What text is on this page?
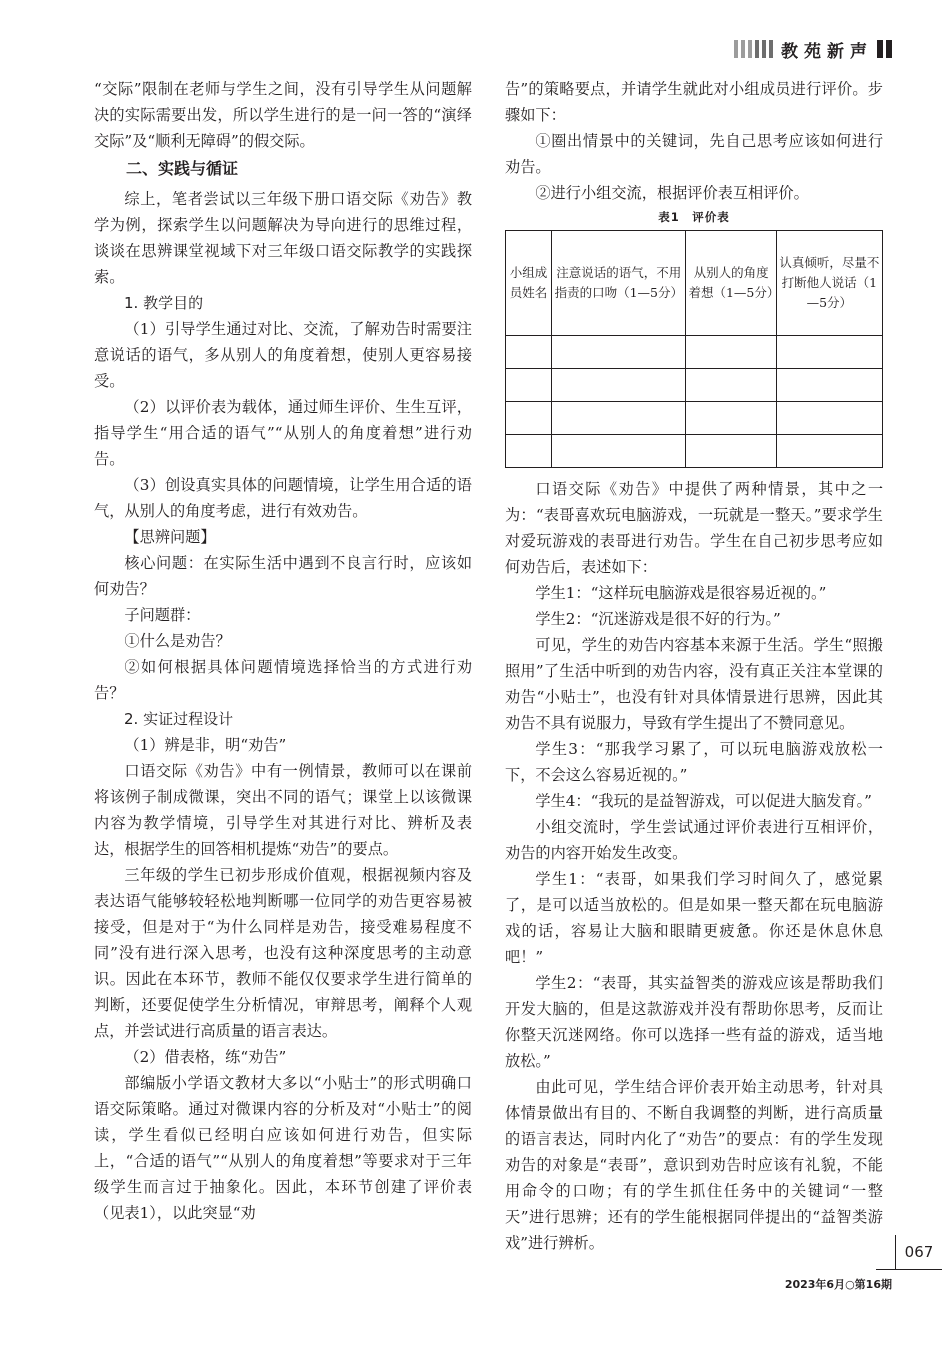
教苑新声

“交际”限制在老师与学生之间，没有引导学生从问题解决的实际需要出发，所以学生进行的是一问一答的“演绎交际”及“顺利无障碍”的假交际。

二、实践与循证

综上，笔者尝试以三年级下册口语交际《劝告》教学为例，探索学生以问题解决为导向进行的思维过程，谈谈在思辨课堂视域下对三年级口语交际教学的实践探索。

1. 教学目的

（1）引导学生通过对比、交流，了解劝告时需要注意说话的语气，多从别人的角度着想，使别人更容易接受。

（2）以评价表为载体，通过师生评价、生生互评，指导学生“用合适的语气”“从别人的角度着想”进行劝告。

（3）创设真实具体的问题情境，让学生用合适的语气，从别人的角度考虑，进行有效劝告。

【思辨问题】

核心问题：在实际生活中遇到不良言行时，应该如何劝告？

子问题群：

①什么是劝告？

②如何根据具体问题情境选择恰当的方式进行劝告？

2. 实证过程设计

（1）辨是非，明“劝告”

口语交际《劝告》中有一例情景，教师可以在课前将该例子制成微课，突出不同的语气；课堂上以该微课内容为教学情境，引导学生对其进行对比、辨析及表达，根据学生的回答相机提炼“劝告”的要点。

三年级的学生已初步形成价值观，根据视频内容及表达语气能够较轻松地判断哪一位同学的劝告更容易被接受，但是对于“为什么同样是劝告，接受难易程度不同”没有进行深入思考，也没有这种深度思考的主动意识。因此在本环节，教师不能仅仅要求学生进行简单的判断，还要促使学生分析情况，审辩思考，阐释个人观点，并尝试进行高质量的语言表达。

（2）借表格，练“劝告”

部编版小学语文教材大多以“小贴士”的形式明确口语交际策略。通过对微课内容的分析及对“小贴士”的阅读，学生看似已经明白应该如何进行劝告，但实际上，“合适的语气”“从别人的角度着想”等要求对于三年级学生而言过于抽象化。因此，本环节创建了评价表（见表1），以此突显“劝

告”的策略要点，并请学生就此对小组成员进行评价。步骤如下：

①圈出情景中的关键词，先自己思考应该如何进行劝告。

②进行小组交流，根据评价表互相评价。

表1　评价表
小组成员姓名	注意说话的语气，不用指责的口吻（1—5分）	从别人的角度着想（1—5分）	认真倾听，尽量不打断他人说话（1—5分）

口语交际《劝告》中提供了两种情景，其中之一为：“表哥喜欢玩电脑游戏，一玩就是一整天。”要求学生对爱玩游戏的表哥进行劝告。学生在自己初步思考应如何劝告后，表述如下：

学生1：“这样玩电脑游戏是很容易近视的。”

学生2：“沉迷游戏是很不好的行为。”

可见，学生的劝告内容基本来源于生活。学生“照搬照用”了生活中听到的劝告内容，没有真正关注本堂课的劝告“小贴士”，也没有针对具体情景进行思辨，因此其劝告不具有说服力，导致有学生提出了不赞同意见。

学生3：“那我学习累了，可以玩电脑游戏放松一下，不会这么容易近视的。”

学生4：“我玩的是益智游戏，可以促进大脑发育。”

小组交流时，学生尝试通过评价表进行互相评价，劝告的内容开始发生改变。

学生1：“表哥，如果我们学习时间久了，感觉累了，是可以适当放松的。但是如果一整天都在玩电脑游戏的话，容易让大脑和眼睛更疲惫。你还是休息休息吧！”

学生2：“表哥，其实益智类的游戏应该是帮助我们开发大脑的，但是这款游戏并没有帮助你思考，反而让你整天沉迷网络。你可以选择一些有益的游戏，适当地放松。”

由此可见，学生结合评价表开始主动思考，针对具体情景做出有目的、不断自我调整的判断，进行高质量的语言表达，同时内化了“劝告”的要点：有的学生发现劝告的对象是“表哥”，意识到劝告时应该有礼貌，不能用命令的口吻；有的学生抓住任务中的关键词“一整天”进行思辨；还有的学生能根据同伴提出的“益智类游戏”进行辨析。	067
2023年6月○第16期
